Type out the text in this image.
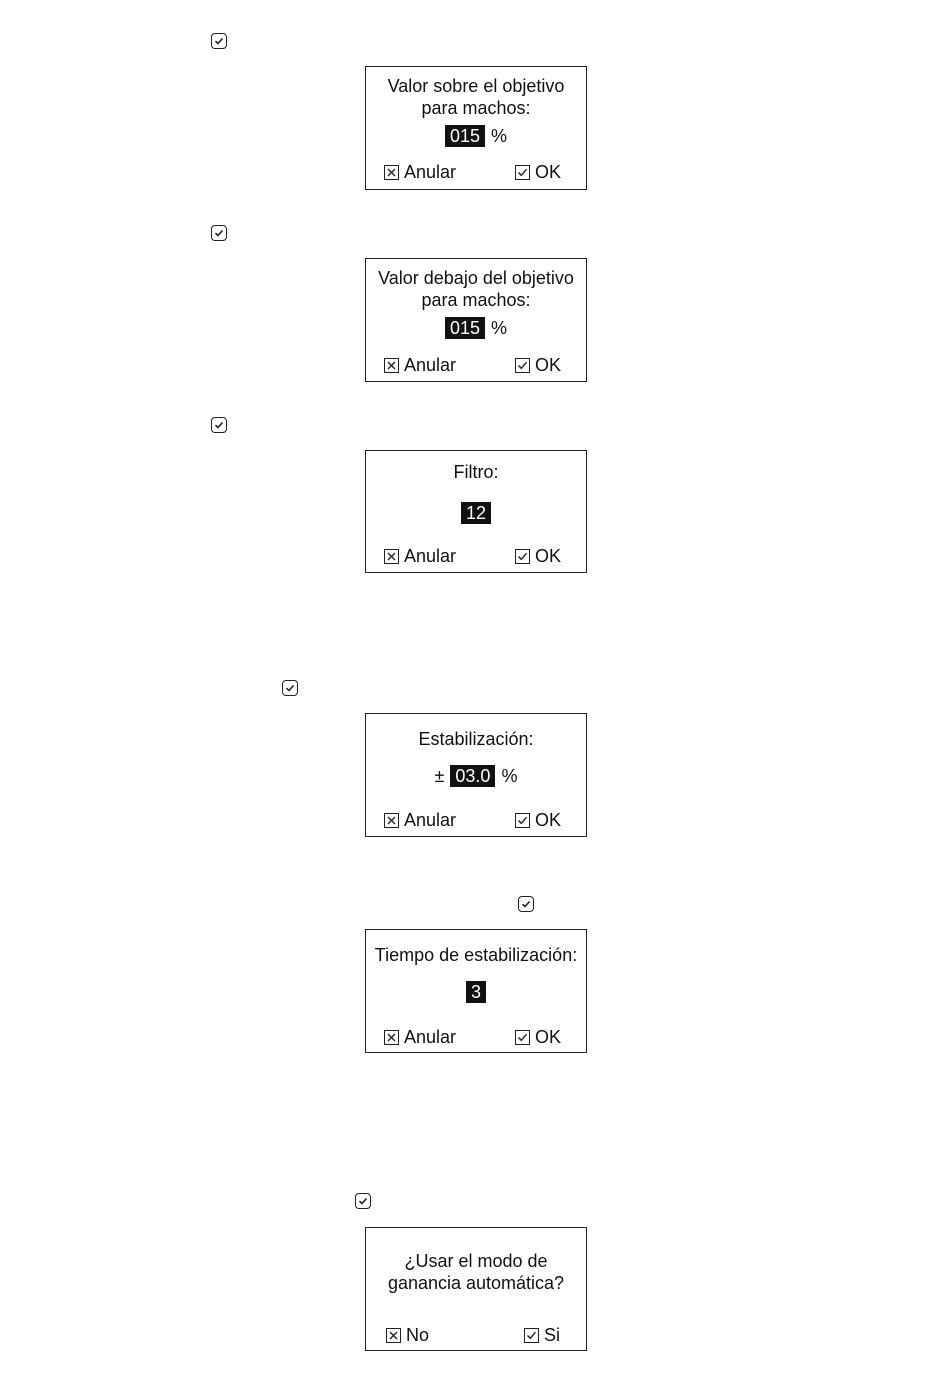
Valor sobre el objetivo
para machos:
015 %
Anular	OK
Valor debajo del objetivo
para machos:
015 %
Anular	OK
Filtro:
12
Anular	OK
Estabilización:
± 03.0 %
Anular	OK
Tiempo de estabilización:
3
Anular	OK
¿Usar el modo de
ganancia automática?
No	Si
